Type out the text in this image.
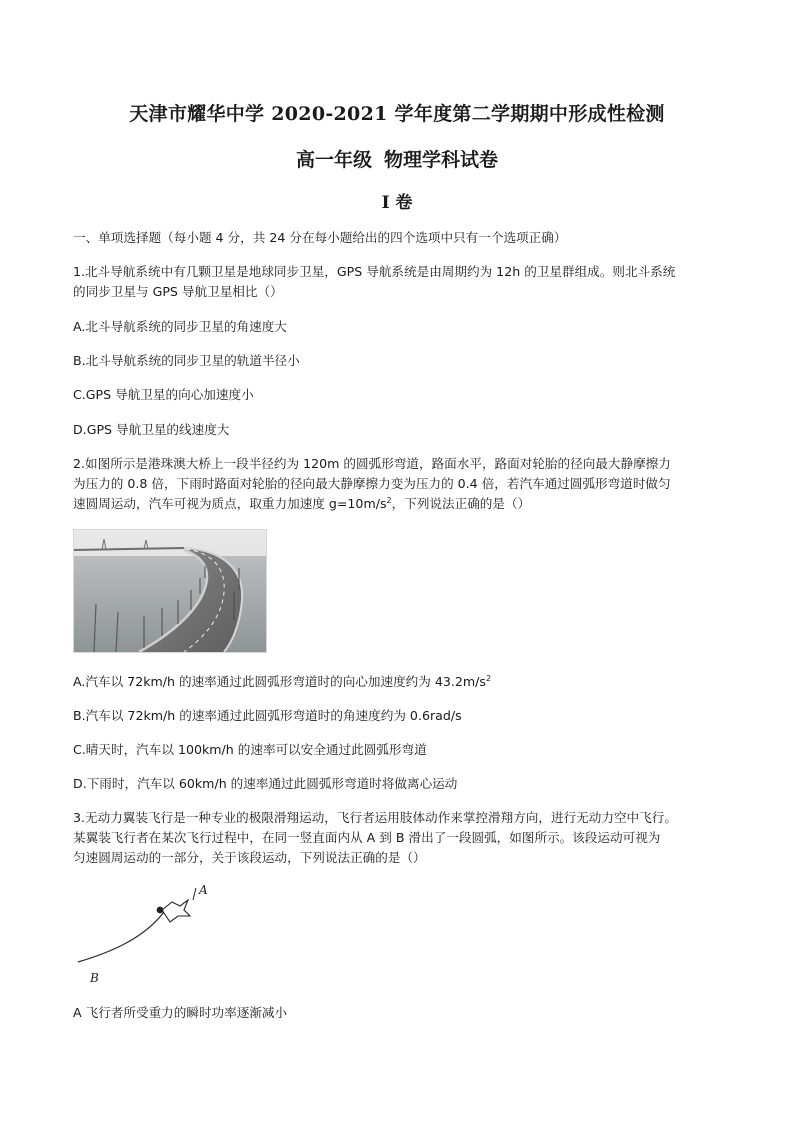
天津市耀华中学 2020-2021 学年度第二学期期中形成性检测
高一年级 物理学科试卷
I 卷
一、单项选择题（每小题 4 分，共 24 分在每小题给出的四个选项中只有一个选项正确）
1.北斗导航系统中有几颗卫星是地球同步卫星，GPS 导航系统是由周期约为 12h 的卫星群组成。则北斗系统
的同步卫星与 GPS 导航卫星相比（）
A.北斗导航系统的同步卫星的角速度大
B.北斗导航系统的同步卫星的轨道半径小
C.GPS 导航卫星的向心加速度小
D.GPS 导航卫星的线速度大
2.如图所示是港珠澳大桥上一段半径约为 120m 的圆弧形弯道，路面水平，路面对轮胎的径向最大静摩擦力
为压力的 0.8 倍，下雨时路面对轮胎的径向最大静摩擦力变为压力的 0.4 倍，若汽车通过圆弧形弯道时做匀
速圆周运动，汽车可视为质点，取重力加速度 $g=10m/s^2$，下列说法正确的是（）
A.汽车以 72km/h 的速率通过此圆弧形弯道时的向心加速度约为 $43.2m/s^2$
B.汽车以 72km/h 的速率通过此圆弧形弯道时的角速度约为 0.6rad/s
C.晴天时，汽车以 100km/h 的速率可以安全通过此圆弧形弯道
D.下雨时，汽车以 60km/h 的速率通过此圆弧形弯道时将做离心运动
3.无动力翼装飞行是一种专业的极限滑翔运动，飞行者运用肢体动作来掌控滑翔方向，进行无动力空中飞行。
某翼装飞行者在某次飞行过程中，在同一竖直面内从 A 到 B 滑出了一段圆弧，如图所示。该段运动可视为
匀速圆周运动的一部分，关于该段运动，下列说法正确的是（）
A
B
A 飞行者所受重力的瞬时功率逐渐减小
